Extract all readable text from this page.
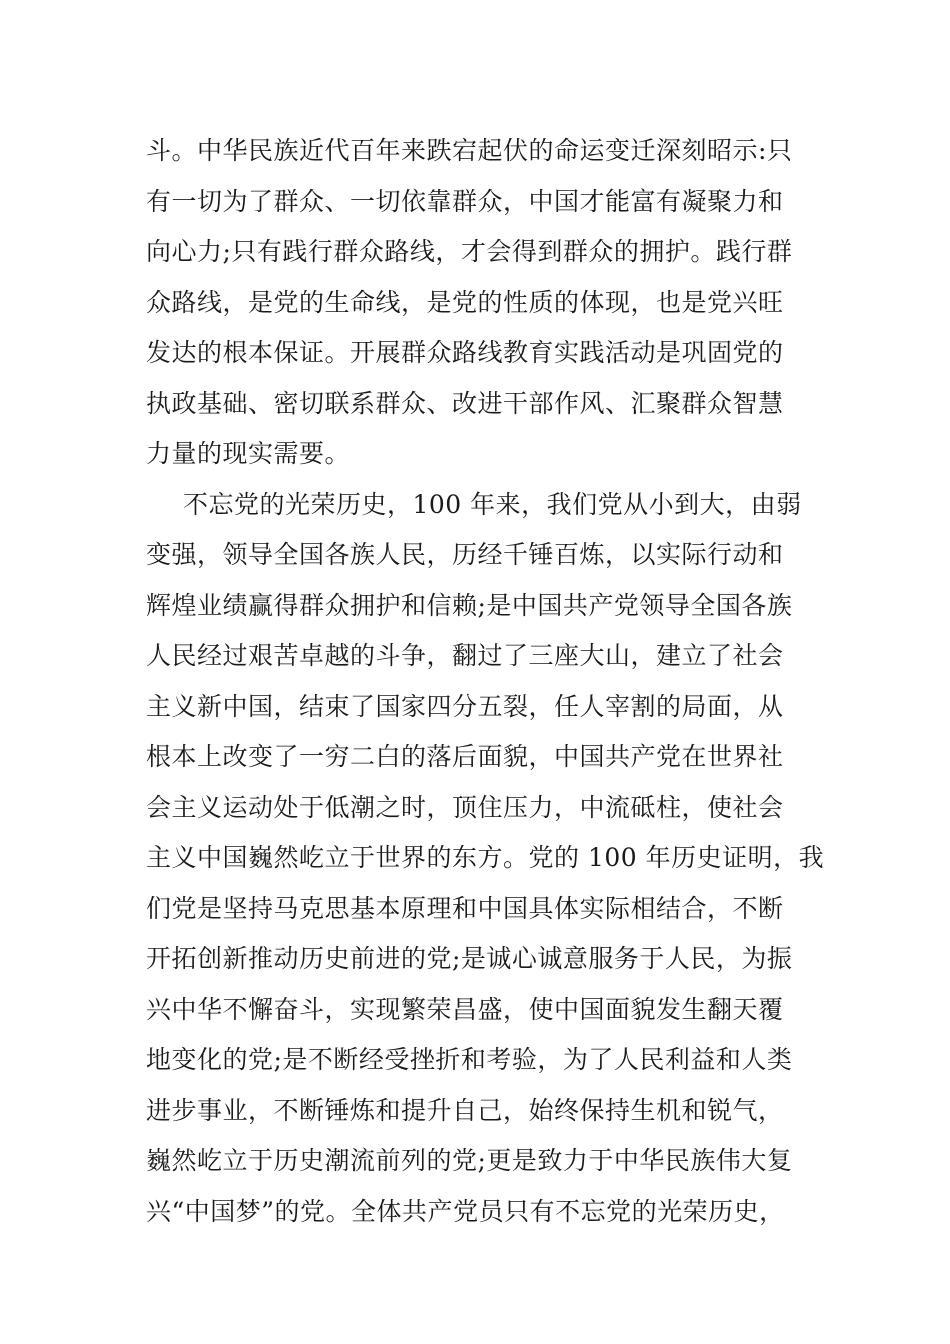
斗。中华民族近代百年来跌宕起伏的命运变迁深刻昭示:只
有一切为了群众、一切依靠群众，中国才能富有凝聚力和
向心力;只有践行群众路线，才会得到群众的拥护。践行群
众路线，是党的生命线，是党的性质的体现，也是党兴旺
发达的根本保证。开展群众路线教育实践活动是巩固党的
执政基础、密切联系群众、改进干部作风、汇聚群众智慧
力量的现实需要。
不忘党的光荣历史，100 年来，我们党从小到大，由弱
变强，领导全国各族人民，历经千锤百炼，以实际行动和
辉煌业绩赢得群众拥护和信赖;是中国共产党领导全国各族
人民经过艰苦卓越的斗争，翻过了三座大山，建立了社会
主义新中国，结束了国家四分五裂，任人宰割的局面，从
根本上改变了一穷二白的落后面貌，中国共产党在世界社
会主义运动处于低潮之时，顶住压力，中流砥柱，使社会
主义中国巍然屹立于世界的东方。党的 100 年历史证明，我
们党是坚持马克思基本原理和中国具体实际相结合，不断
开拓创新推动历史前进的党;是诚心诚意服务于人民，为振
兴中华不懈奋斗，实现繁荣昌盛，使中国面貌发生翻天覆
地变化的党;是不断经受挫折和考验，为了人民利益和人类
进步事业，不断锤炼和提升自己，始终保持生机和锐气，
巍然屹立于历史潮流前列的党;更是致力于中华民族伟大复
兴“中国梦”的党。全体共产党员只有不忘党的光荣历史，
